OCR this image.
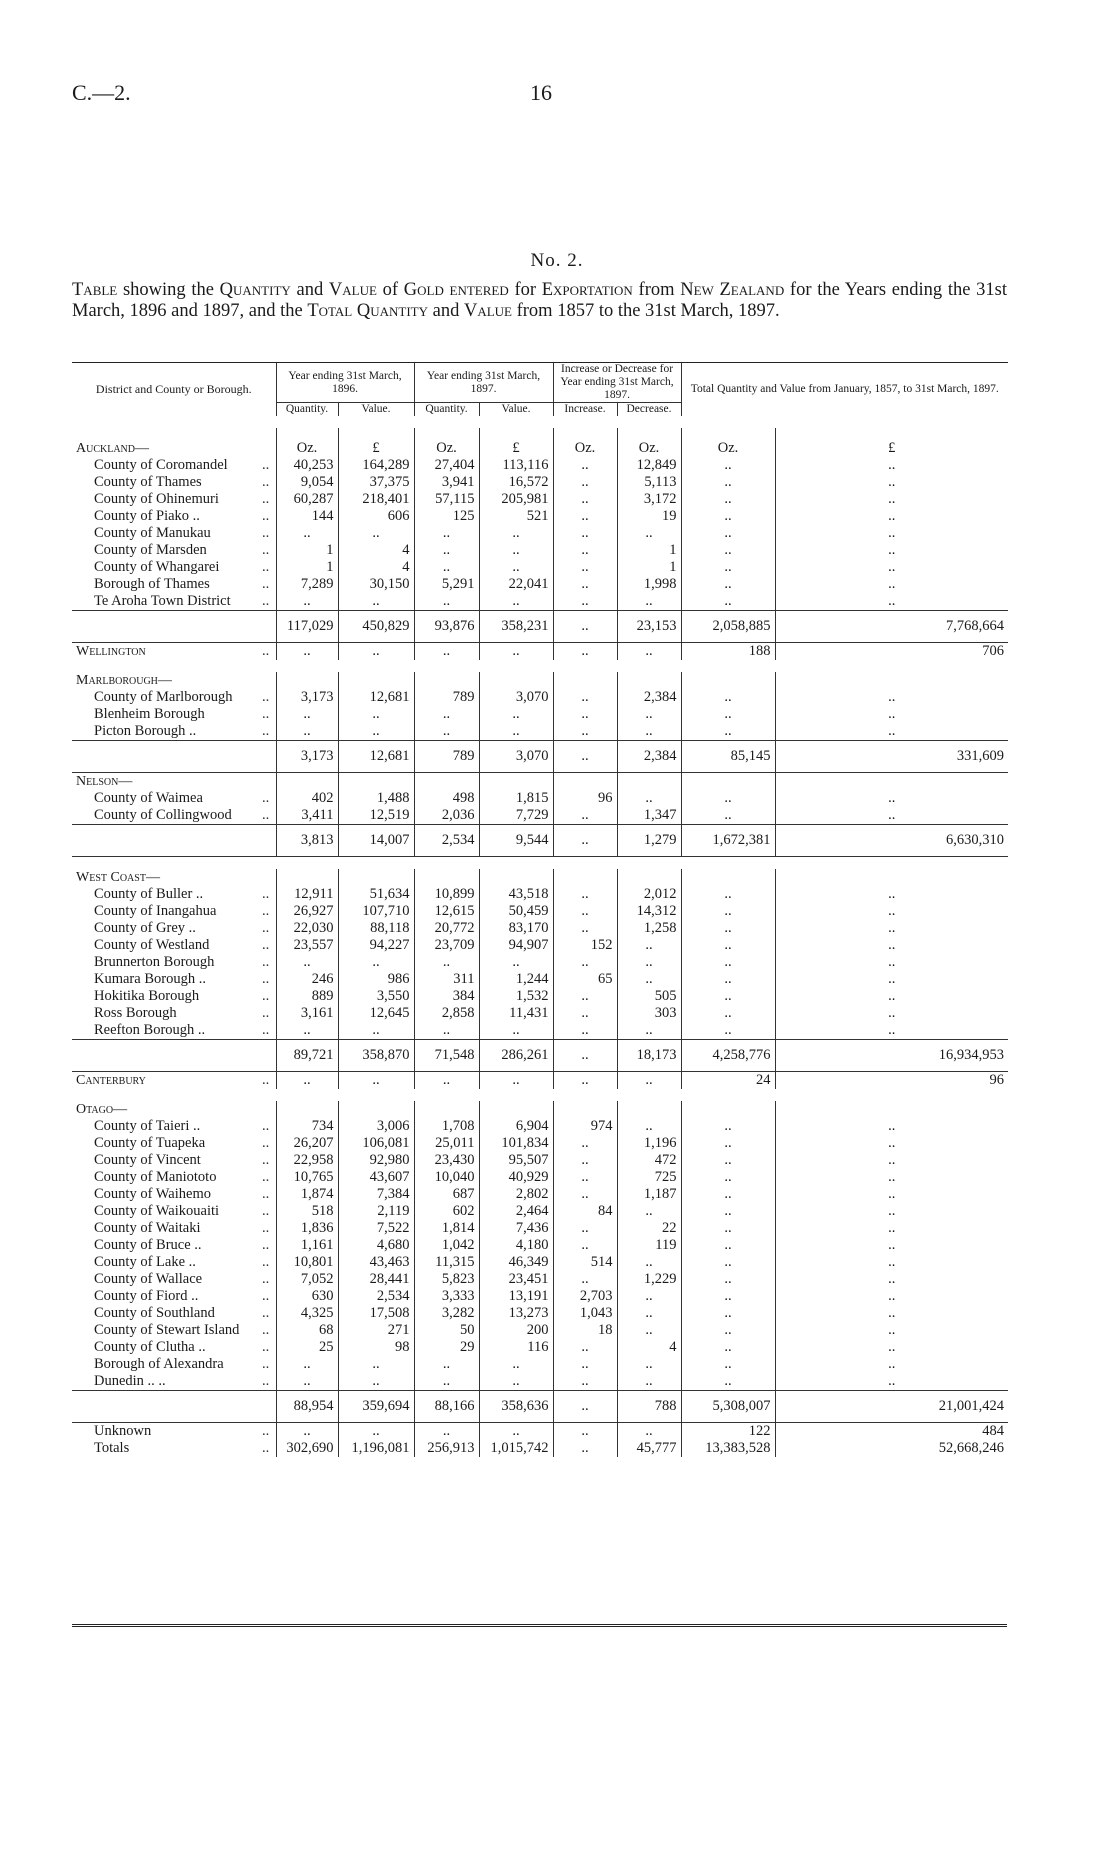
C.—2.	16
No. 2.
Table showing the Quantity and Value of Gold entered for Exportation from New Zealand for the Years ending the 31st March, 1896 and 1897, and the Total Quantity and Value from 1857 to the 31st March, 1897.
District and County or Borough.		Year ending 31st March, 1896.		Year ending 31st March, 1897.		Increase or Decrease for Year ending 31st March, 1897.		Total Quantity and Value from January, 1857, to 31st March, 1897.	
		Quantity.	Value.	Quantity.	Value.	Increase.	Decrease.		

Auckland—		Oz.	£	Oz.	£	Oz.	Oz.	Oz.	£
County of Coromandel	..	40,253	164,289	27,404	113,116	..	12,849	..	..
County of Thames	..	9,054	37,375	3,941	16,572	..	5,113	..	..
County of Ohinemuri	..	60,287	218,401	57,115	205,981	..	3,172	..	..
County of Piako ..	..	144	606	125	521	..	19	..	..
County of Manukau	..	..	..	..	..	..	..	..	..
County of Marsden	..	1	4	..	..	..	1	..	..
County of Whangarei	..	1	4	..	..	..	1	..	..
Borough of Thames	..	7,289	30,150	5,291	22,041	..	1,998	..	..
Te Aroha Town District	..	..	..	..	..	..	..	..	..
		117,029	450,829	93,876	358,231	..	23,153	2,058,885	7,768,664
Wellington	..	..	..	..	..	..	..	188	706

Marlborough—									
County of Marlborough	..	3,173	12,681	789	3,070	..	2,384	..	..
Blenheim Borough	..	..	..	..	..	..	..	..	..
Picton Borough ..	..	..	..	..	..	..	..	..	..
		3,173	12,681	789	3,070	..	2,384	85,145	331,609
Nelson—									
County of Waimea	..	402	1,488	498	1,815	96	..	..	..
County of Collingwood	..	3,411	12,519	2,036	7,729	..	1,347	..	..
		3,813	14,007	2,534	9,544	..	1,279	1,672,381	6,630,310

West Coast—									
County of Buller ..	..	12,911	51,634	10,899	43,518	..	2,012	..	..
County of Inangahua	..	26,927	107,710	12,615	50,459	..	14,312	..	..
County of Grey ..	..	22,030	88,118	20,772	83,170	..	1,258	..	..
County of Westland	..	23,557	94,227	23,709	94,907	152	..	..	..
Brunnerton Borough	..	..	..	..	..	..	..	..	..
Kumara Borough ..	..	246	986	311	1,244	65	..	..	..
Hokitika Borough	..	889	3,550	384	1,532	..	505	..	..
Ross Borough	..	3,161	12,645	2,858	11,431	..	303	..	..
Reefton Borough ..	..	..	..	..	..	..	..	..	..
		89,721	358,870	71,548	286,261	..	18,173	4,258,776	16,934,953
Canterbury	..	..	..	..	..	..	..	24	96

Otago—									
County of Taieri ..	..	734	3,006	1,708	6,904	974	..	..	..
County of Tuapeka	..	26,207	106,081	25,011	101,834	..	1,196	..	..
County of Vincent	..	22,958	92,980	23,430	95,507	..	472	..	..
County of Maniototo	..	10,765	43,607	10,040	40,929	..	725	..	..
County of Waihemo	..	1,874	7,384	687	2,802	..	1,187	..	..
County of Waikouaiti	..	518	2,119	602	2,464	84	..	..	..
County of Waitaki	..	1,836	7,522	1,814	7,436	..	22	..	..
County of Bruce ..	..	1,161	4,680	1,042	4,180	..	119	..	..
County of Lake ..	..	10,801	43,463	11,315	46,349	514	..	..	..
County of Wallace	..	7,052	28,441	5,823	23,451	..	1,229	..	..
County of Fiord ..	..	630	2,534	3,333	13,191	2,703	..	..	..
County of Southland	..	4,325	17,508	3,282	13,273	1,043	..	..	..
County of Stewart Island	..	68	271	50	200	18	..	..	..
County of Clutha ..	..	25	98	29	116	..	4	..	..
Borough of Alexandra	..	..	..	..	..	..	..	..	..
Dunedin .. ..	..	..	..	..	..	..	..	..	..
		88,954	359,694	88,166	358,636	..	788	5,308,007	21,001,424
Unknown	..	..	..	..	..	..	..	122	484
Totals	..	302,690	1,196,081	256,913	1,015,742	..	45,777	13,383,528	52,668,246
